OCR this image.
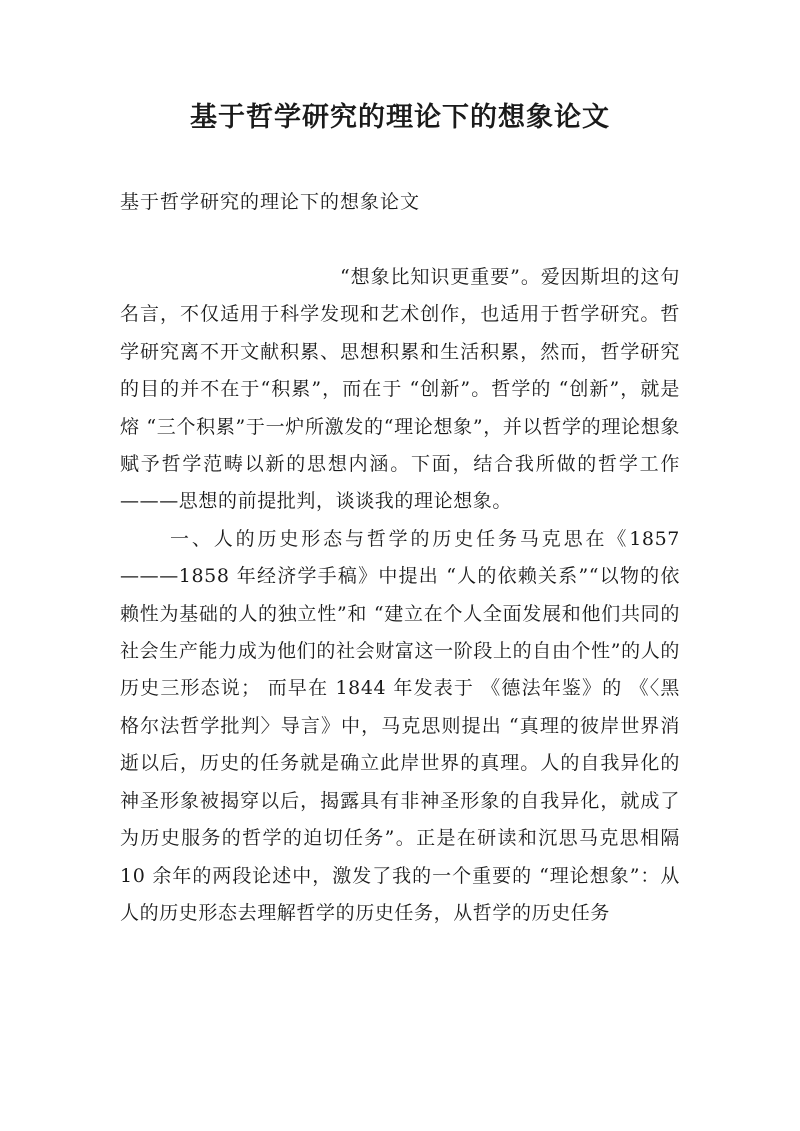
基于哲学研究的理论下的想象论文
基于哲学研究的理论下的想象论文

“想象比知识更重要”。爱因斯坦的这句名言，不仅适用于科学发现和艺术创作，也适用于哲学研究。哲学研究离不开文献积累、思想积累和生活积累，然而，哲学研究的目的并不在于“积累”，而在于 “创新”。哲学的 “创新”，就是熔 “三个积累”于一炉所激发的“理论想象”，并以哲学的理论想象赋予哲学范畴以新的思想内涵。下面，结合我所做的哲学工作———思想的前提批判，谈谈我的理论想象。

一、人的历史形态与哲学的历史任务马克思在《1857———1858 年经济学手稿》中提出 “人的依赖关系”“以物的依赖性为基础的人的独立性”和 “建立在个人全面发展和他们共同的社会生产能力成为他们的社会财富这一阶段上的自由个性”的人的历史三形态说； 而早在 1844 年发表于 《德法年鉴》的 《〈黑格尔法哲学批判〉导言》中，马克思则提出 “真理的彼岸世界消逝以后，历史的任务就是确立此岸世界的真理。人的自我异化的神圣形象被揭穿以后，揭露具有非神圣形象的自我异化，就成了为历史服务的哲学的迫切任务”。正是在研读和沉思马克思相隔 10 余年的两段论述中，激发了我的一个重要的 “理论想象”：从人的历史形态去理解哲学的历史任务，从哲学的历史任务
